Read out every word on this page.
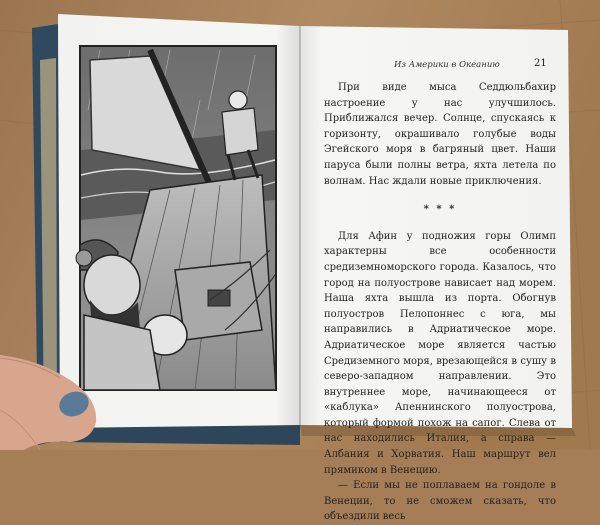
Из Америки в Океанию	21

При виде мыса Седдюльбахир настроение у нас улучшилось. Приближался вечер. Солнце, спускаясь к горизонту, окрашивало голубые воды Эгейского моря в багряный цвет. Наши паруса были полны ветра, яхта летела по волнам. Нас ждали новые приключения.

* * *

Для Афин у подножия горы Олимп характерны все особенности средиземноморского города. Казалось, что город на полуострове нависает над морем. Наша яхта вышла из порта. Обогнув полуостров Пелопоннес с юга, мы направились в Адриатическое море. Адриатическое море является частью Средиземного моря, врезающейся в сушу в северо-западном направлении. Это внутреннее море, начинающееся от «каблука» Апеннинского полуострова, который формой похож на сапог. Слева от нас находились Италия, а справа — Албания и Хорватия. Наш маршрут вел прямиком в Венецию.

— Если мы не поплаваем на гондоле в Венеции, то не сможем сказать, что объездили весь
